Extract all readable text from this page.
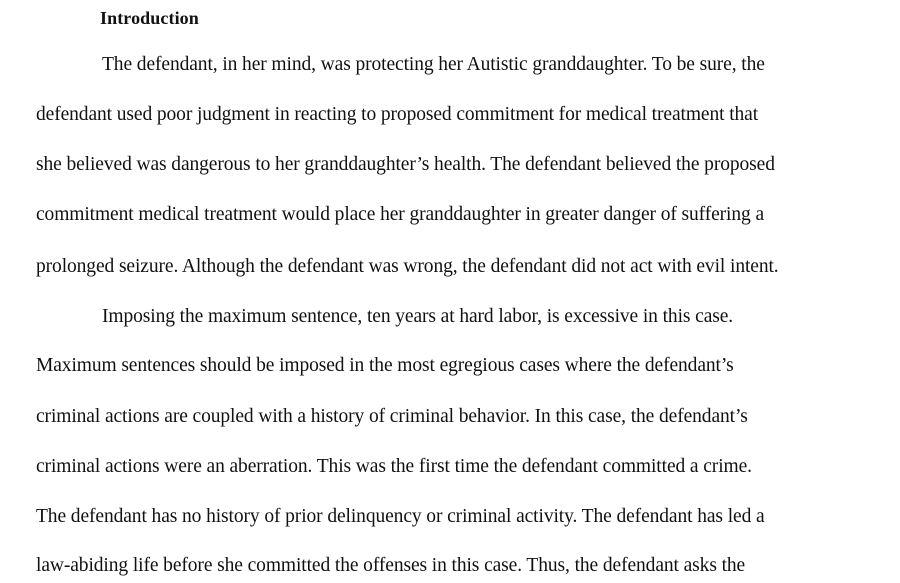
Introduction
The defendant, in her mind, was protecting her Autistic granddaughter. To be sure, the
defendant used poor judgment in reacting to proposed commitment for medical treatment that
she believed was dangerous to her granddaughter’s health. The defendant believed the proposed
commitment medical treatment would place her granddaughter in greater danger of suffering a
prolonged seizure. Although the defendant was wrong, the defendant did not act with evil intent.
Imposing the maximum sentence, ten years at hard labor, is excessive in this case.
Maximum sentences should be imposed in the most egregious cases where the defendant’s
criminal actions are coupled with a history of criminal behavior. In this case, the defendant’s
criminal actions were an aberration. This was the first time the defendant committed a crime.
The defendant has no history of prior delinquency or criminal activity. The defendant has led a
law-abiding life before she committed the offenses in this case. Thus, the defendant asks the
